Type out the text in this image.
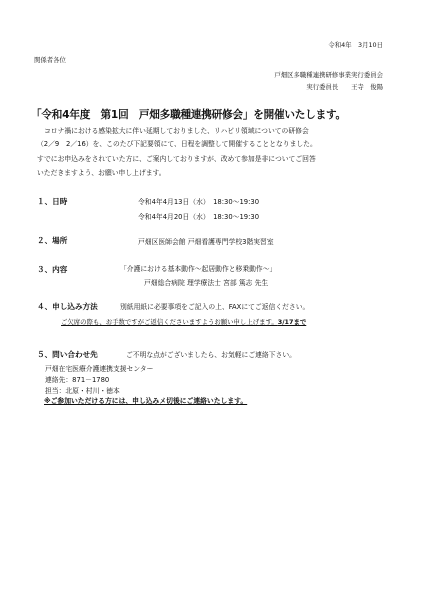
令和4年　3月10日
関係者各位
戸畑区多職種連携研修事業実行委員会
実行委員長　　王寺　俊陽
「令和4年度　第1回　戸畑多職種連携研修会」を開催いたします。
コロナ禍における感染拡大に伴い延期しておりました、リハビリ領域についての研修会
（2／9　2／16）を、このたび下記要領にて、日程を調整して開催することとなりました。
すでにお申込みをされていた方に、ご案内しておりますが、改めて参加是非についてご回答
いただきますよう、お願い申し上げます。
１、日時	令和4年4月13日（水）　18:30～19:30
令和4年4月20日（水）　18:30～19:30
２、場所	戸畑区医師会館 戸畑看護専門学校3階実習室
３、内容	「介護における基本動作～起居動作と移乗動作～」
戸畑総合病院 理学療法士 宮部 篤志 先生
４、申し込み方法	別紙用紙に必要事項をご記入の上、FAXにてご返信ください。
ご欠席の際も、お手数ですがご返信くださいますようお願い申し上げます。3/17まで
５、問い合わせ先	ご不明な点がございましたら、お気軽にご連絡下さい。
戸畑在宅医療介護連携支援センター
連絡先：871－1780
担当：北原・村川・徳本
※ご参加いただける方には、申し込みメ切後にご連絡いたします。
